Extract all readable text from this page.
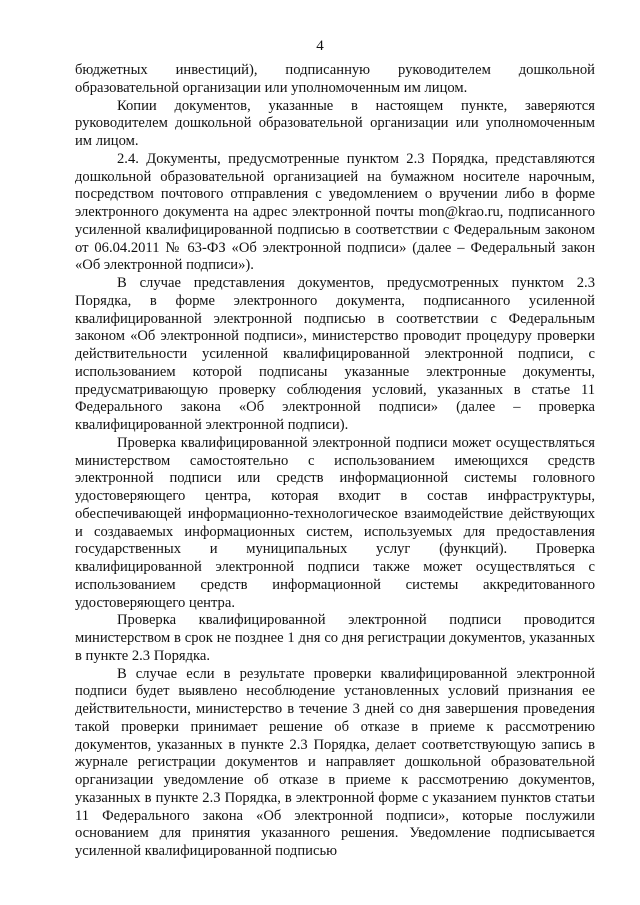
4

бюджетных инвестиций), подписанную руководителем дошкольной образовательной организации или уполномоченным им лицом.

Копии документов, указанные в настоящем пункте, заверяются руководителем дошкольной образовательной организации или уполномоченным им лицом.

2.4. Документы, предусмотренные пунктом 2.3 Порядка, представляются дошкольной образовательной организацией на бумажном носителе нарочным, посредством почтового отправления с уведомлением о вручении либо в форме электронного документа на адрес электронной почты mon@krao.ru, подписанного усиленной квалифицированной подписью в соответствии с Федеральным законом от 06.04.2011 № 63-ФЗ «Об электронной подписи» (далее – Федеральный закон «Об электронной подписи»).

В случае представления документов, предусмотренных пунктом 2.3 Порядка, в форме электронного документа, подписанного усиленной квалифицированной электронной подписью в соответствии с Федеральным законом «Об электронной подписи», министерство проводит процедуру проверки действительности усиленной квалифицированной электронной подписи, с использованием которой подписаны указанные электронные документы, предусматривающую проверку соблюдения условий, указанных в статье 11 Федерального закона «Об электронной подписи» (далее – проверка квалифицированной электронной подписи).

Проверка квалифицированной электронной подписи может осуществляться министерством самостоятельно с использованием имеющихся средств электронной подписи или средств информационной системы головного удостоверяющего центра, которая входит в состав инфраструктуры, обеспечивающей информационно-технологическое взаимодействие действующих и создаваемых информационных систем, используемых для предоставления государственных и муниципальных услуг (функций). Проверка квалифицированной электронной подписи также может осуществляться с использованием средств информационной системы аккредитованного удостоверяющего центра.

Проверка квалифицированной электронной подписи проводится министерством в срок не позднее 1 дня со дня регистрации документов, указанных в пункте 2.3 Порядка.

В случае если в результате проверки квалифицированной электронной подписи будет выявлено несоблюдение установленных условий признания ее действительности, министерство в течение 3 дней со дня завершения проведения такой проверки принимает решение об отказе в приеме к рассмотрению документов, указанных в пункте 2.3 Порядка, делает соответствующую запись в журнале регистрации документов и направляет дошкольной образовательной организации уведомление об отказе в приеме к рассмотрению документов, указанных в пункте 2.3 Порядка, в электронной форме с указанием пунктов статьи 11 Федерального закона «Об электронной подписи», которые послужили основанием для принятия указанного решения. Уведомление подписывается усиленной квалифицированной подписью
